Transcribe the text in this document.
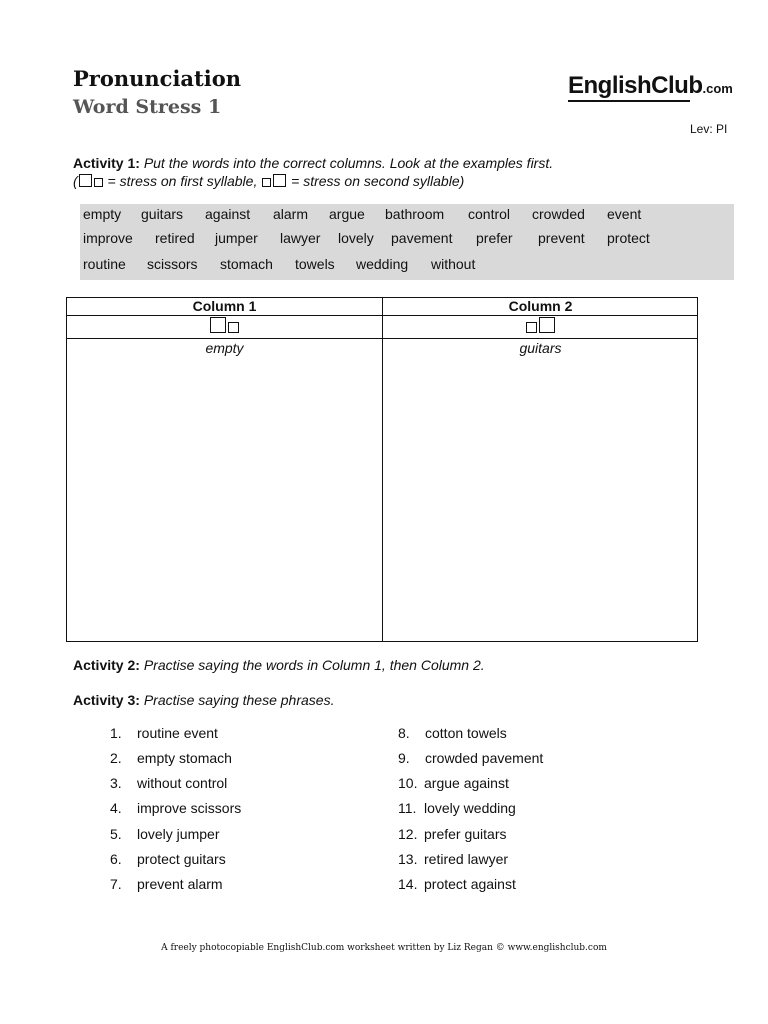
Pronunciation
Word Stress 1
EnglishClub.com
Lev: PI
Activity 1: Put the words into the correct columns. Look at the examples first.
( = stress on first syllable,  = stress on second syllable)
empty guitars against alarm argue bathroom control crowded event
improve retired jumper lawyer lovely pavement prefer prevent protect
routine scissors stomach towels wedding without
Column 1	Column 2
empty	guitars
Activity 2: Practise saying the words in Column 1, then Column 2.
Activity 3: Practise saying these phrases.
1. routine event
2. empty stomach
3. without control
4. improve scissors
5. lovely jumper
6. protect guitars
7. prevent alarm
8. cotton towels
9. crowded pavement
10. argue against
11. lovely wedding
12. prefer guitars
13. retired lawyer
14. protect against
A freely photocopiable EnglishClub.com worksheet written by Liz Regan © www.englishclub.com
